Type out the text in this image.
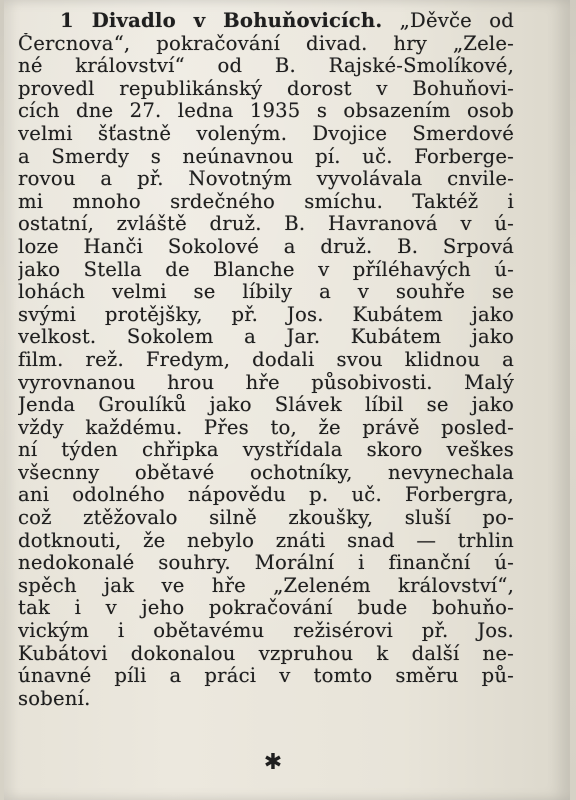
1 Divadlo v Bohuňovicích. „Děvče od
Čercnova“, pokračování divad. hry „Zele-
né království“ od B. Rajské-Smolíkové,
provedl republikánský dorost v Bohuňovi-
cích dne 27. ledna 1935 s obsazením osob
velmi šťastně voleným. Dvojice Smerdové
a Smerdy s neúnavnou pí. uč. Forberge-
rovou a př. Novotným vyvolávala cnvile-
mi mnoho srdečného smíchu. Taktéž i
ostatní, zvláště druž. B. Havranová v ú-
loze Hanči Sokolové a druž. B. Srpová
jako Stella de Blanche v příléhavých ú-
lohách velmi se líbily a v souhře se
svými protějšky, př. Jos. Kubátem jako
velkost. Sokolem a Jar. Kubátem jako
film. rež. Fredym, dodali svou klidnou a
vyrovnanou hrou hře působivosti. Malý
Jenda Groulíků jako Slávek líbil se jako
vždy každému. Přes to, že právě posled-
ní týden chřipka vystřídala skoro veškes
všecnny obětavé ochotníky, nevynechala
ani odolného nápovědu p. uč. Forbergra,
což ztěžovalo silně zkoušky, sluší po-
dotknouti, že nebylo znáti snad — trhlin
nedokonalé souhry. Morální i finanční ú-
spěch jak ve hře „Zeleném království“,
tak i v jeho pokračování bude bohuňo-
vickým i obětavému režisérovi př. Jos.
Kubátovi dokonalou vzpruhou k další ne-
únavné píli a práci v tomto směru pů-
sobení.
✱
